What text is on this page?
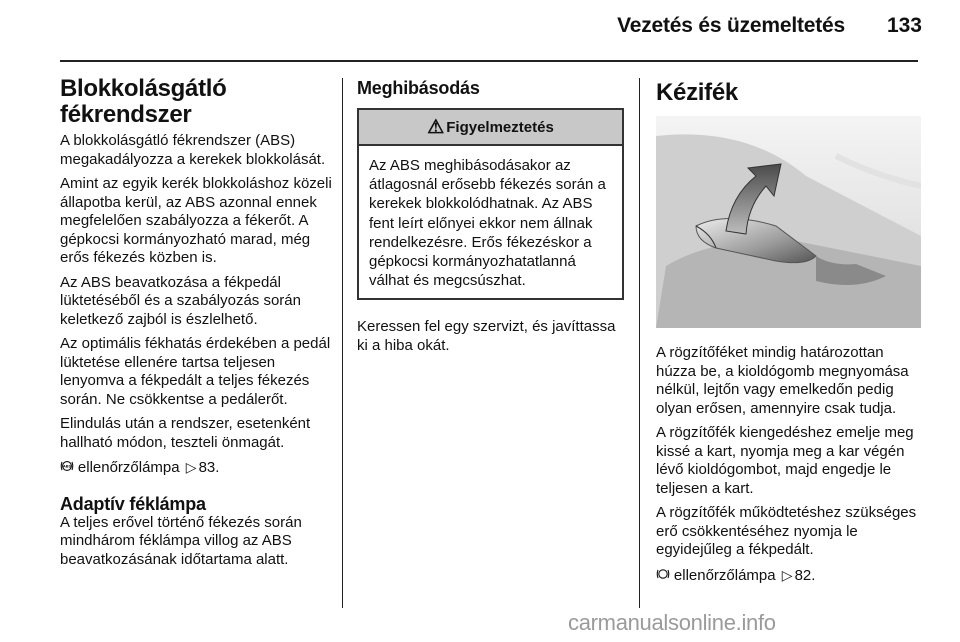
Vezetés és üzemeltetés 133
Blokkolásgátló
fékrendszer

A blokkolásgátló fékrendszer (ABS) megakadályozza a kerekek blokkolását.

Amint az egyik kerék blokkoláshoz közeli állapotba kerül, az ABS azonnal ennek megfelelően szabályozza a fékerőt. A gépkocsi kormányozható marad, még erős fékezés közben is.

Az ABS beavatkozása a fékpedál lüktetéséből és a szabályozás során keletkező zajból is észlelhető.

Az optimális fékhatás érdekében a pedál lüktetése ellenére tartsa teljesen lenyomva a fékpedált a teljes fékezés során. Ne csökkentse a pedálerőt.

Elindulás után a rendszer, esetenként hallható módon, teszteli önmagát.

ABS ellenőrzőlámpa ▷ 83.

Adaptív féklámpa

A teljes erővel történő fékezés során mindhárom féklámpa villog az ABS beavatkozásának időtartama alatt.

Meghibásodás
⚠ Figyelmeztetés
Az ABS meghibásodásakor az átlagosnál erősebb fékezés során a kerekek blokkolódhatnak. Az ABS fent leírt előnyei ekkor nem állnak rendelkezésre. Erős fékezéskor a gépkocsi kormányozhatatlanná válhat és megcsúszhat.

Keressen fel egy szervizt, és javíttassa ki a hiba okát.

Kézifék

A rögzítőféket mindig határozottan húzza be, a kioldógomb megnyomása nélkül, lejtőn vagy emelkedőn pedig olyan erősen, amennyire csak tudja.

A rögzítőfék kiengedéshez emelje meg kissé a kart, nyomja meg a kar végén lévő kioldógombot, majd engedje le teljesen a kart.

A rögzítőfék működtetéshez szükséges erő csökkentéséhez nyomja le egyidejűleg a fékpedált.

ellenőrzőlámpa ▷ 82.

carmanualsonline.info
